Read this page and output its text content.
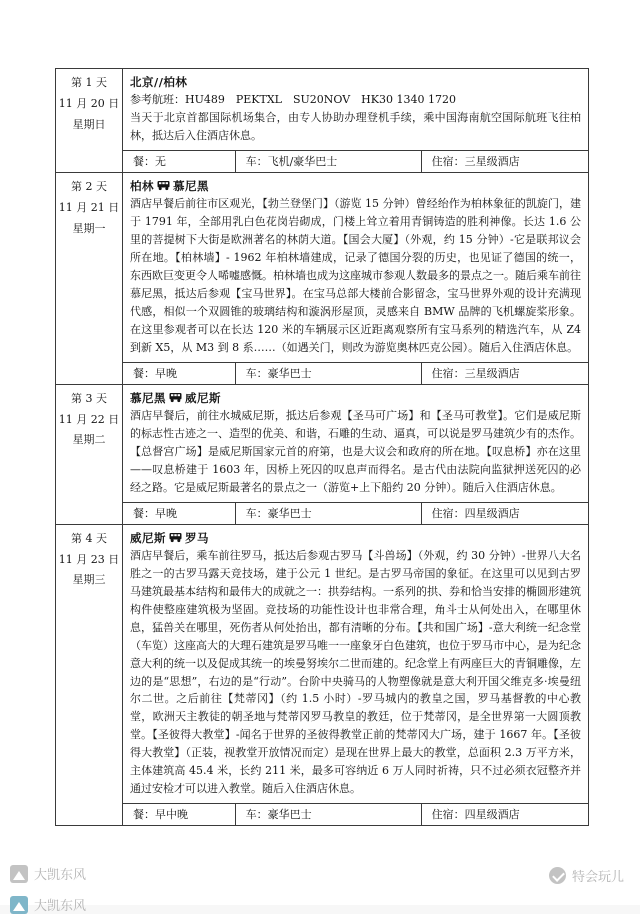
第 1 天
11 月 20 日
星期日

北京//柏林
参考航班：HU489　PEKTXL　SU20NOV　HK30 1340 1720
当天于北京首都国际机场集合，由专人协助办理登机手续，乘中国海南航空国际航班飞往柏林，抵达后入住酒店休息。

	餐：无 车：飞机/豪华巴士 住宿：三星级酒店

第 2 天
11 月 21 日
星期一

柏林 慕尼黑
酒店早餐后前往市区观光，【勃兰登堡门】（游览 15 分钟）曾经绐作为柏林象征的凯旋门，建于 1791 年，全部用乳白色花岗岩砌成，门楼上耸立着用青铜铸造的胜利神像。长达 1.6 公里的菩提树下大街是欧洲著名的林荫大道。【国会大厦】（外观，约 15 分钟）-它是联邦议会所在地。【柏林墙】- 1962 年柏林墙建成，记录了德国分裂的历史，也见证了德国的统一，东西欧巨变更令人唏嘘感慨。柏林墙也成为这座城市参观人数最多的景点之一。随后乘车前往慕尼黑，抵达后参观【宝马世界】。在宝马总部大楼前合影留念，宝马世界外观的设计充满现代感，相似一个双圆锥的玻璃结构和漩涡形屋顶，灵感来自 BMW 品牌的飞机螺旋桨形象。在这里参观者可以在长达 120 米的车辆展示区近距离观察所有宝马系列的精选汽车，从 Z4 到新 X5，从 M3 到 8 系……（如遇关门，则改为游览奥林匹克公园）。随后入住酒店休息。

	餐：早晚 车：豪华巴士 住宿：三星级酒店

第 3 天
11 月 22 日
星期二

慕尼黑 威尼斯
酒店早餐后，前往水城威尼斯，抵达后参观【圣马可广场】和【圣马可教堂】。它们是威尼斯的标志性古迹之一、造型的优美、和谐，石雕的生动、逼真，可以说是罗马建筑少有的杰作。【总督宫广场】是威尼斯国家元首的府第，也是大议会和政府的所在地。【叹息桥】亦在这里——叹息桥建于 1603 年，因桥上死囚的叹息声而得名。是古代由法院向监狱押送死囚的必经之路。它是威尼斯最著名的景点之一（游览+上下船约 20 分钟）。随后入住酒店休息。

	餐：早晚 车：豪华巴士 住宿：四星级酒店

第 4 天
11 月 23 日
星期三

威尼斯 罗马
酒店早餐后，乘车前往罗马，抵达后参观古罗马【斗兽场】（外观，约 30 分钟）-世界八大名胜之一的古罗马露天竞技场，建于公元 1 世纪。是古罗马帝国的象征。在这里可以见到古罗马建筑最基本结构和最伟大的成就之一：拱券结构。一系列的拱、券和恰当安排的椭圆形建筑构件使整座建筑极为坚固。竞技场的功能性设计也非常合理，角斗士从何处出入，在哪里休息，猛兽关在哪里，死伤者从何处抬出，都有清晰的分布。【共和国广场】-意大利统一纪念堂（车览）这座高大的大理石建筑是罗马唯一一座象牙白色建筑，也位于罗马市中心，是为纪念意大利的统一以及促成其统一的埃曼努埃尔二世而建的。纪念堂上有两座巨大的青铜雕像，左边的是“思想”，右边的是“行动”。台阶中央骑马的人物塑像就是意大利开国父维克多·埃曼纽尔二世。之后前往【梵蒂冈】（约 1.5 小时）-罗马城内的教皇之国，罗马基督教的中心教堂，欧洲天主教徒的朝圣地与梵蒂冈罗马教皇的教廷，位于梵蒂冈，是全世界第一大圆顶教堂。【圣彼得大教堂】-闻名于世界的圣彼得教堂正前的梵蒂冈大广场，建于 1667 年。【圣彼得大教堂】（正装，视教堂开放情况而定）是现在世界上最大的教堂，总面积 2.3 万平方米，主体建筑高 45.4 米，长约 211 米，最多可容纳近 6 万人同时祈祷，只不过必须衣冠整齐并通过安检才可以进入教堂。随后入住酒店休息。

	餐：早中晚 车：豪华巴士 住宿：四星级酒店
大凯东风
大凯东风
特会玩儿
